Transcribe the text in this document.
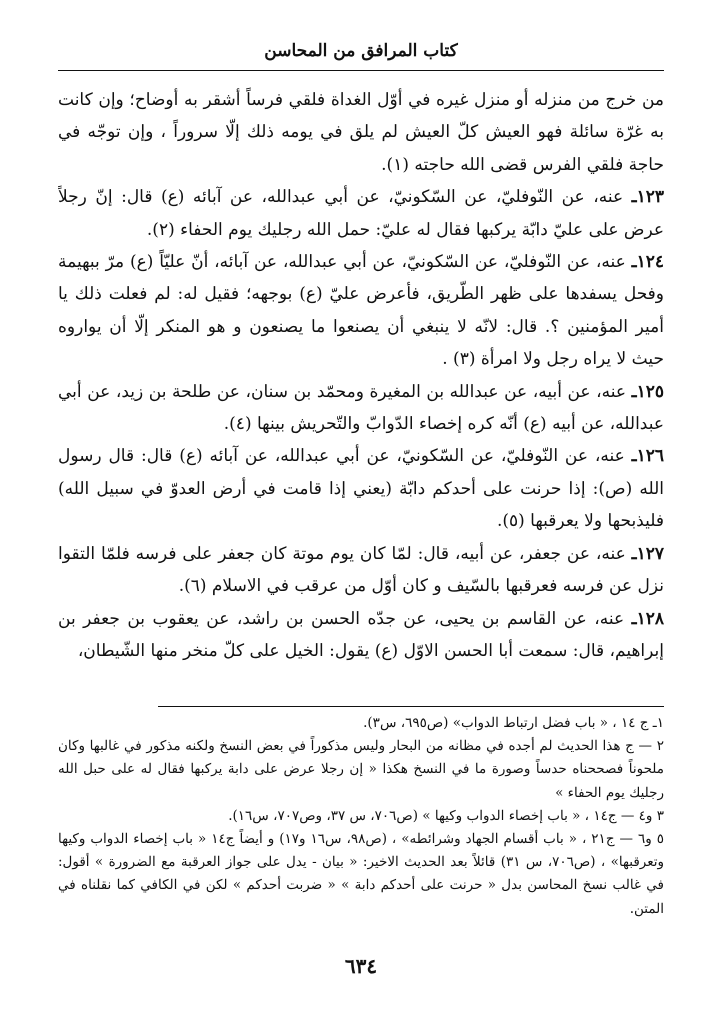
كتاب المرافق من المحاسن

من خرج من منزله أو منزل غيره في أوّل الغداة فلقي فرساً أشقر به أوضاح؛ وإن كانت به غرّة سائلة فهو العيش كلّ العيش لم يلق في يومه ذلك إلّا سروراً ، وإن توجّه في حاجة فلقي الفرس قضى الله حاجته (١).

١٢٣ـ عنه، عن النّوفليّ، عن السّكونيّ، عن أبي عبدالله، عن آبائه (ع) قال: إنّ رجلاً عرض على عليّ دابّة يركبها فقال له عليّ: حمل الله رجليك يوم الحفاء (٢).

١٢٤ـ عنه، عن النّوفليّ، عن السّكونيّ، عن أبي عبدالله، عن آبائه، أنّ عليّاً (ع) مرّ ببهيمة وفحل يسفدها على ظهر الطّريق، فأعرض عليّ (ع) بوجهه؛ فقيل له: لم فعلت ذلك يا أمير المؤمنين ؟. قال: لانّه لا ينبغي أن يصنعوا ما يصنعون و هو المنكر إلّا أن يواروه حيث لا يراه رجل ولا امرأة (٣) .

١٢٥ـ عنه، عن أبيه، عن عبدالله بن المغيرة ومحمّد بن سنان، عن طلحة بن زيد، عن أبي عبدالله، عن أبيه (ع) أنّه كره إخصاء الدّوابّ والتّحريش بينها (٤).

١٢٦ـ عنه، عن النّوفليّ، عن السّكونيّ، عن أبي عبدالله، عن آبائه (ع) قال: قال رسول الله (ص): إذا حرنت على أحدكم دابّة (يعني إذا قامت في أرض العدوّ في سبيل الله) فليذبحها ولا يعرقبها (٥).

١٢٧ـ عنه، عن جعفر، عن أبيه، قال: لمّا كان يوم موتة كان جعفر على فرسه فلمّا التقوا نزل عن فرسه فعرقبها بالسّيف و كان أوّل من عرقب في الاسلام (٦).

١٢٨ـ عنه، عن القاسم بن يحيى، عن جدّه الحسن بن راشد، عن يعقوب بن جعفر بن إبراهيم، قال: سمعت أبا الحسن الاوّل (ع) يقول: الخيل على كلّ منخر منها الشّيطان،

١ـ ج ١٤ ، « باب فضل ارتباط الدواب» (ص٦٩٥، س٣).

٢ — ج هذا الحديث لم أجده في مظانه من البحار وليس مذكوراً في بعض النسخ ولكنه مذكور في غالبها وكان ملحوناً فصححناه حدساً وصورة ما في النسخ هكذا « إن رجلا عرض على دابة يركبها فقال له على حبل الله رجليك يوم الحفاء »

٣ و٤ — ج١٤ ، « باب إخصاء الدواب وكيها » (ص٧٠٦، س ٣٧، وص٧٠٧، س١٦).

٥ و٦ — ج٢١ ، « باب أقسام الجهاد وشرائطه» ، (ص٩٨، س١٦ و١٧) و أيضاً ج١٤ « باب إخصاء الدواب وكيها وتعرقبها» ، (ص٧٠٦، س ٣١) قائلاً بعد الحديث الاخير: « بيان - يدل على جواز العرقبة مع الضرورة » أقول: في غالب نسخ المحاسن بدل « حرنت على أحدكم دابة » « ضربت أحدكم » لكن في الكافي كما نقلناه في المتن.

٦٣٤
